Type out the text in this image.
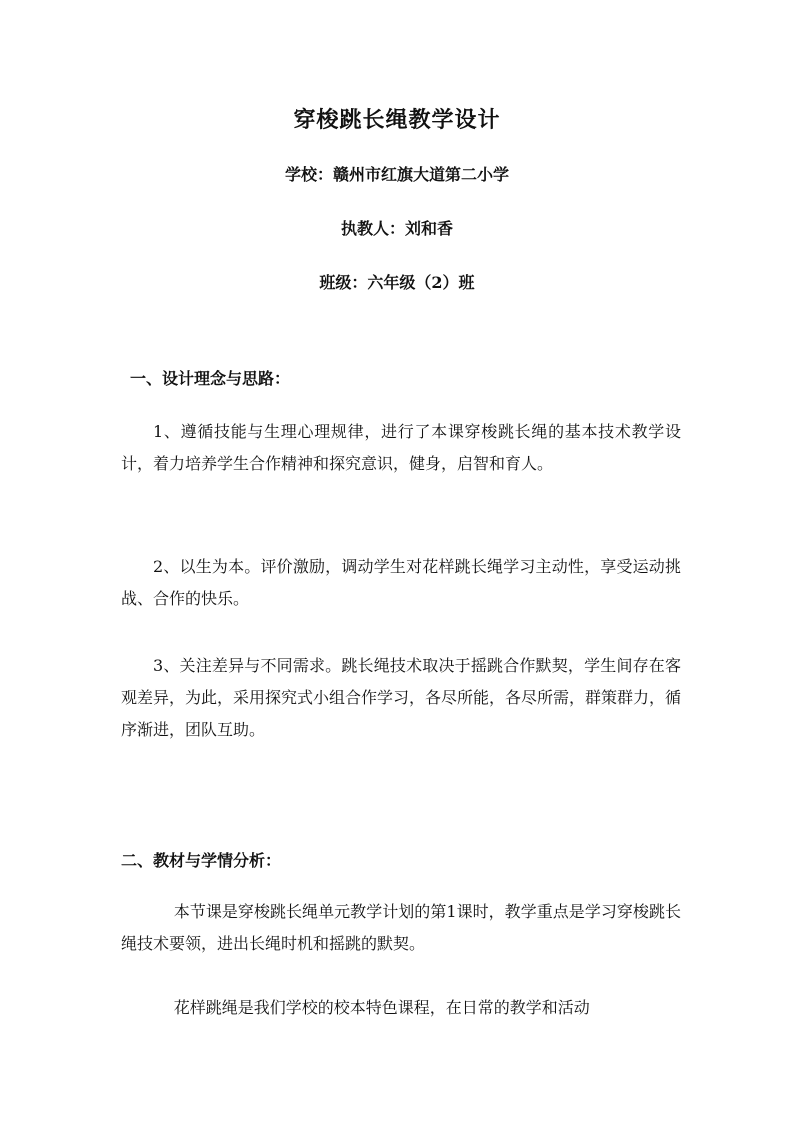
穿梭跳长绳教学设计
学校：赣州市红旗大道第二小学
执教人：刘和香
班级：六年级（2）班
一、设计理念与思路：
1、遵循技能与生理心理规律，进行了本课穿梭跳长绳的基本技术教学设计，着力培养学生合作精神和探究意识，健身，启智和育人。
2、以生为本。评价激励，调动学生对花样跳长绳学习主动性，享受运动挑战、合作的快乐。
3、关注差异与不同需求。跳长绳技术取决于摇跳合作默契，学生间存在客观差异，为此，采用探究式小组合作学习，各尽所能，各尽所需，群策群力，循序渐进，团队互助。
二、教材与学情分析：
本节课是穿梭跳长绳单元教学计划的第1课时，教学重点是学习穿梭跳长绳技术要领，进出长绳时机和摇跳的默契。
花样跳绳是我们学校的校本特色课程，在日常的教学和活动
